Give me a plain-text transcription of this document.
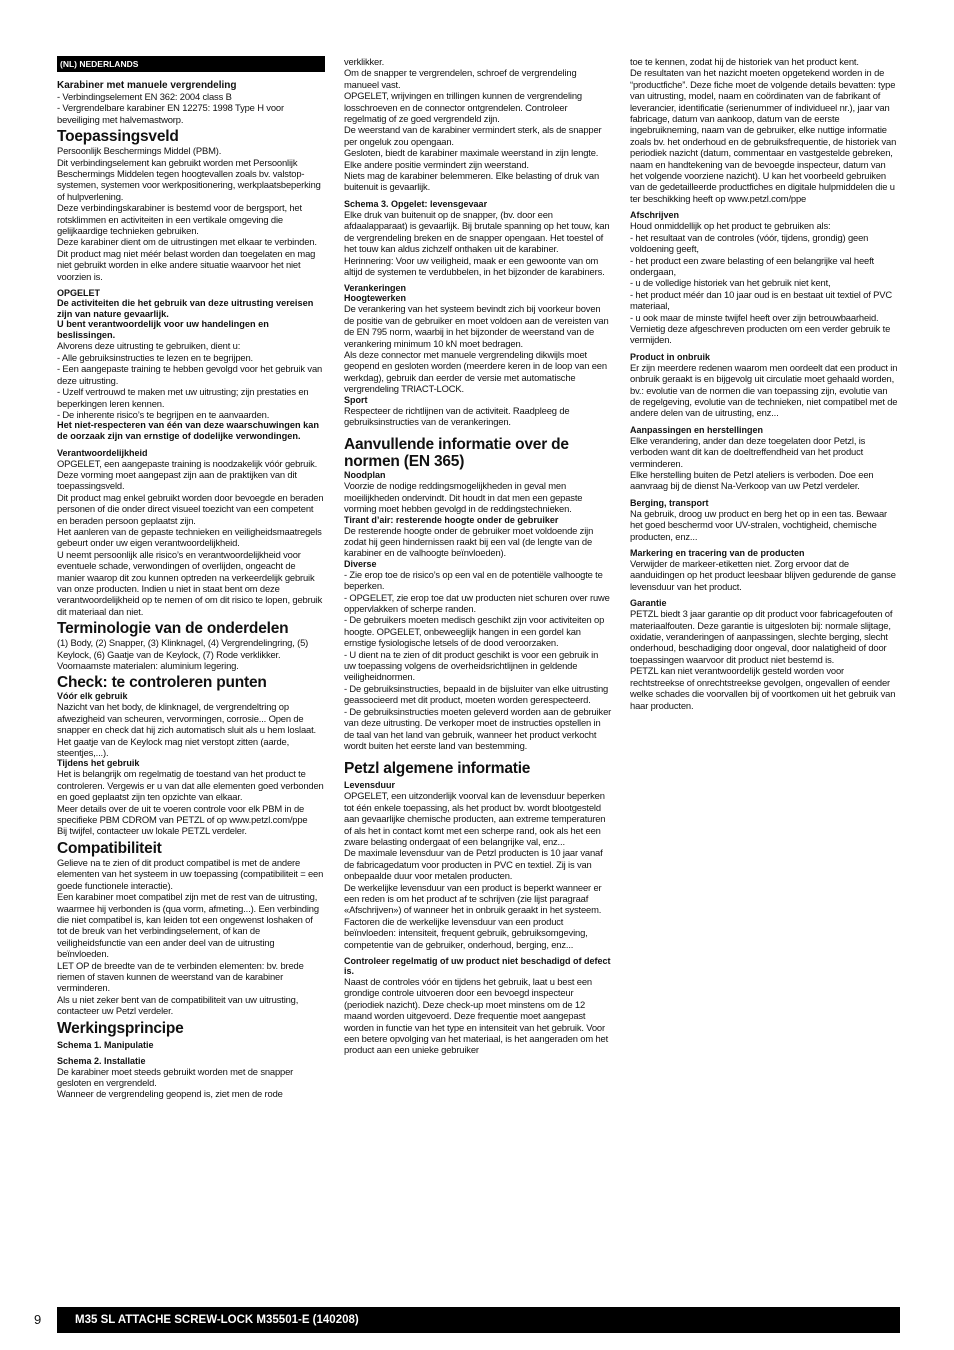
(NL) NEDERLANDS
Karabiner met manuele vergrendeling
- Verbindingselement EN 362: 2004 class B
- Vergrendelbare karabiner EN 12275: 1998 Type H voor beveiliging met halvemastworp.
Toepassingsveld
Persoonlijk Beschermings Middel (PBM).
Dit verbindingselement kan gebruikt worden met Persoonlijk Beschermings Middelen tegen hoogtevallen zoals bv. valstop-systemen, systemen voor werkpositionering, werkplaatsbeperking of hulpverlening.
Deze verbindingskarabiner is bestemd voor de bergsport, het rotsklimmen en activiteiten in een vertikale omgeving die gelijkaardige technieken gebruiken.
Deze karabiner dient om de uitrustingen met elkaar te verbinden.
Dit product mag niet méér belast worden dan toegelaten en mag niet gebruikt worden in elke andere situatie waarvoor het niet voorzien is.
OPGELET
De activiteiten die het gebruik van deze uitrusting vereisen zijn van nature gevaarlijk.
U bent verantwoordelijk voor uw handelingen en beslissingen.
Alvorens deze uitrusting te gebruiken, dient u:
- Alle gebruiksinstructies te lezen en te begrijpen.
- Een aangepaste training te hebben gevolgd voor het gebruik van deze uitrusting.
- Uzelf vertrouwd te maken met uw uitrusting; zijn prestaties en beperkingen leren kennen.
- De inherente risico’s te begrijpen en te aanvaarden.
Het niet-respecteren van één van deze waarschuwingen kan de oorzaak zijn van ernstige of dodelijke verwondingen.
Verantwoordelijkheid
OPGELET, een aangepaste training is noodzakelijk vóór gebruik. Deze vorming moet aangepast zijn aan de praktijken van dit toepassingsveld.
Dit product mag enkel gebruikt worden door bevoegde en beraden personen of die onder direct visueel toezicht van een competent en beraden persoon geplaatst zijn.
Het aanleren van de gepaste technieken en veiligheidsmaatregels gebeurt onder uw eigen verantwoordelijkheid.
U neemt persoonlijk alle risico’s en verantwoordelijkheid voor eventuele schade, verwondingen of overlijden, ongeacht de manier waarop dit zou kunnen optreden na verkeerdelijk gebruik van onze producten. Indien u niet in staat bent om deze verantwoordelijkheid op te nemen of om dit risico te lopen, gebruik dit materiaal dan niet.
Terminologie van de onderdelen
(1) Body, (2) Snapper, (3) Klinknagel, (4) Vergrendelingring, (5) Keylock, (6) Gaatje van de Keylock, (7) Rode verklikker. Voornaamste materialen: aluminium legering.
Check: te controleren punten
Vóór elk gebruik
Nazicht van het body, de klinknagel, de vergrendeltring op afwezigheid van scheuren, vervormingen, corrosie... Open de snapper en check dat hij zich automatisch sluit als u hem loslaat. Het gaatje van de Keylock mag niet verstopt zitten (aarde, steentjes,...).
Tijdens het gebruik
Het is belangrijk om regelmatig de toestand van het product te controleren. Vergewis er u van dat alle elementen goed verbonden en goed geplaatst zijn ten opzichte van elkaar.
Meer details over de uit te voeren controle voor elk PBM in de specifieke PBM CDROM van PETZL of op www.petzl.com/ppe
Bij twijfel, contacteer uw lokale PETZL verdeler.
Compatibiliteit
Gelieve na te zien of dit product compatibel is met de andere elementen van het systeem in uw toepassing (compatibiliteit = een goede functionele interactie).
Een karabiner moet compatibel zijn met de rest van de uitrusting, waarmee hij verbonden is (qua vorm, afmeting...). Een verbinding die niet compatibel is, kan leiden tot een ongewenst loshaken of tot de breuk van het verbindingselement, of kan de veiligheidsfunctie van een ander deel van de uitrusting beïnvloeden.
LET OP de breedte van de te verbinden elementen: bv. brede riemen of staven kunnen de weerstand van de karabiner verminderen.
Als u niet zeker bent van de compatibiliteit van uw uitrusting, contacteer uw Petzl verdeler.
Werkingsprincipe
Schema 1. Manipulatie
Schema 2. Installatie
De karabiner moet steeds gebruikt worden met de snapper gesloten en vergrendeld.
Wanneer de vergrendeling geopend is, ziet men de rode
verklikker.
Om de snapper te vergrendelen, schroef de vergrendeling manueel vast.
OPGELET, wrijvingen en trillingen kunnen de vergrendeling losschroeven en de connector ontgrendelen. Controleer regelmatig of ze goed vergrendeld zijn.
De weerstand van de karabiner vermindert sterk, als de snapper per ongeluk zou opengaan.
Gesloten, biedt de karabiner maximale weerstand in zijn lengte. Elke andere positie vermindert zijn weerstand.
Niets mag de karabiner belemmeren. Elke belasting of druk van buitenuit is gevaarlijk.
Schema 3. Opgelet: levensgevaar
Elke druk van buitenuit op de snapper, (bv. door een afdaalapparaat) is gevaarlijk. Bij brutale spanning op het touw, kan de vergrendeling breken en de snapper opengaan. Het toestel of het touw kan aldus zichzelf onthaken uit de karabiner.
Herinnering: Voor uw veiligheid, maak er een gewoonte van om altijd de systemen te verdubbelen, in het bijzonder de karabiners.
Verankeringen
Hoogtewerken
De verankering van het systeem bevindt zich bij voorkeur boven de positie van de gebruiker en moet voldoen aan de vereisten van de EN 795 norm, waarbij in het bijzonder de weerstand van de verankering minimum 10 kN moet bedragen.
Als deze connector met manuele vergrendeling dikwijls moet geopend en gesloten worden (meerdere keren in de loop van een werkdag), gebruik dan eerder de versie met automatische vergrendeling TRIACT-LOCK.
Sport
Respecteer de richtlijnen van de activiteit. Raadpleeg de gebruiksinstructies van de verankeringen.
Aanvullende informatie over de normen (EN 365)
Noodplan
Voorzie de nodige reddingsmogelijkheden in geval men moeilijkheden ondervindt. Dit houdt in dat men een gepaste vorming moet hebben gevolgd in de reddingstechnieken.
Tirant d’air: resterende hoogte onder de gebruiker
De resterende hoogte onder de gebruiker moet voldoende zijn zodat hij geen hindernissen raakt bij een val (de lengte van de karabiner en de valhoogte beïnvloeden).
Diverse
- Zie erop toe de risico’s op een val en de potentiële valhoogte te beperken.
- OPGELET, zie erop toe dat uw producten niet schuren over ruwe oppervlakken of scherpe randen.
- De gebruikers moeten medisch geschikt zijn voor activiteiten op hoogte. OPGELET, onbeweeglijk hangen in een gordel kan ernstige fysiologische letsels of de dood veroorzaken.
- U dient na te zien of dit product geschikt is voor een gebruik in uw toepassing volgens de overheidsrichtlijnen in geldende veiligheidnormen.
- De gebruiksinstructies, bepaald in de bijsluiter van elke uitrusting geassocieerd met dit product, moeten worden gerespecteerd.
- De gebruiksinstructies moeten geleverd worden aan de gebruiker van deze uitrusting. De verkoper moet de instructies opstellen in de taal van het land van gebruik, wanneer het product verkocht wordt buiten het eerste land van bestemming.
Petzl algemene informatie
Levensduur
OPGELET, een uitzonderlijk voorval kan de levensduur beperken tot één enkele toepassing, als het product bv. wordt blootgesteld aan gevaarlijke chemische producten, aan extreme temperaturen of als het in contact komt met een scherpe rand, ook als het een zware belasting ondergaat of een belangrijke val, enz...
De maximale levensduur van de Petzl producten is 10 jaar vanaf de fabricagedatum voor producten in PVC en textiel. Zij is van onbepaalde duur voor metalen producten.
De werkelijke levensduur van een product is beperkt wanneer er een reden is om het product af te schrijven (zie lijst paragraaf «Afschrijven») of wanneer het in onbruik geraakt in het systeem.
Factoren die de werkelijke levensduur van een product beïnvloeden: intensiteit, frequent gebruik, gebruiksomgeving, competentie van de gebruiker, onderhoud, berging, enz...
Controleer regelmatig of uw product niet beschadigd of defect is.
Naast de controles vóór en tijdens het gebruik, laat u best een grondige controle uitvoeren door een bevoegd inspecteur (periodiek nazicht). Deze check-up moet minstens om de 12 maand worden uitgevoerd. Deze frequentie moet aangepast worden in functie van het type en intensiteit van het gebruik. Voor een betere opvolging van het materiaal, is het aangeraden om het product aan een unieke gebruiker
toe te kennen, zodat hij de historiek van het product kent.
De resultaten van het nazicht moeten opgetekend worden in de “productfiche”. Deze fiche moet de volgende details bevatten: type van uitrusting, model, naam en coördinaten van de fabrikant of leverancier, identificatie (serienummer of individueel nr.), jaar van fabricage, datum van aankoop, datum van de eerste ingebruikneming, naam van de gebruiker, elke nuttige informatie zoals bv. het onderhoud en de gebruiksfrequentie, de historiek van periodiek nazicht (datum, commentaar en vastgestelde gebreken, naam en handtekening van de bevoegde inspecteur, datum van het volgende voorziene nazicht). U kan het voorbeeld gebruiken van de gedetailleerde productfiches en digitale hulpmiddelen die u ter beschikking heeft op www.petzl.com/ppe
Afschrijven
Houd onmiddellijk op het product te gebruiken als:
- het resultaat van de controles (vóór, tijdens, grondig) geen voldoening geeft,
- het product een zware belasting of een belangrijke val heeft ondergaan,
- u de volledige historiek van het gebruik niet kent,
- het product méér dan 10 jaar oud is en bestaat uit textiel of PVC materiaal,
- u ook maar de minste twijfel heeft over zijn betrouwbaarheid.
Vernietig deze afgeschreven producten om een verder gebruik te vermijden.
Product in onbruik
Er zijn meerdere redenen waarom men oordeelt dat een product in onbruik geraakt is en bijgevolg uit circulatie moet gehaald worden, bv.: evolutie van de normen die van toepassing zijn, evolutie van de regelgeving, evolutie van de technieken, niet compatibel met de andere delen van de uitrusting, enz...
Aanpassingen en herstellingen
Elke verandering, ander dan deze toegelaten door Petzl, is verboden want dit kan de doeltreffendheid van het product verminderen.
Elke herstelling buiten de Petzl ateliers is verboden. Doe een aanvraag bij de dienst Na-Verkoop van uw Petzl verdeler.
Berging, transport
Na gebruik, droog uw product en berg het op in een tas. Bewaar het goed beschermd voor UV-stralen, vochtigheid, chemische producten, enz...
Markering en tracering van de producten
Verwijder de markeer-etiketten niet. Zorg ervoor dat de aanduidingen op het product leesbaar blijven gedurende de ganse levensduur van het product.
Garantie
PETZL biedt 3 jaar garantie op dit product voor fabricagefouten of materiaalfouten. Deze garantie is uitgesloten bij: normale slijtage, oxidatie, veranderingen of aanpassingen, slechte berging, slecht onderhoud, beschadiging door ongeval, door nalatigheid of door toepassingen waarvoor dit product niet bestemd is.
PETZL kan niet verantwoordelijk gesteld worden voor rechtstreekse of onrechtstreekse gevolgen, ongevallen of eender welke schades die voorvallen bij of voortkomen uit het gebruik van haar producten.
9	M35 SL ATTACHE SCREW-LOCK M35501-E (140208)
